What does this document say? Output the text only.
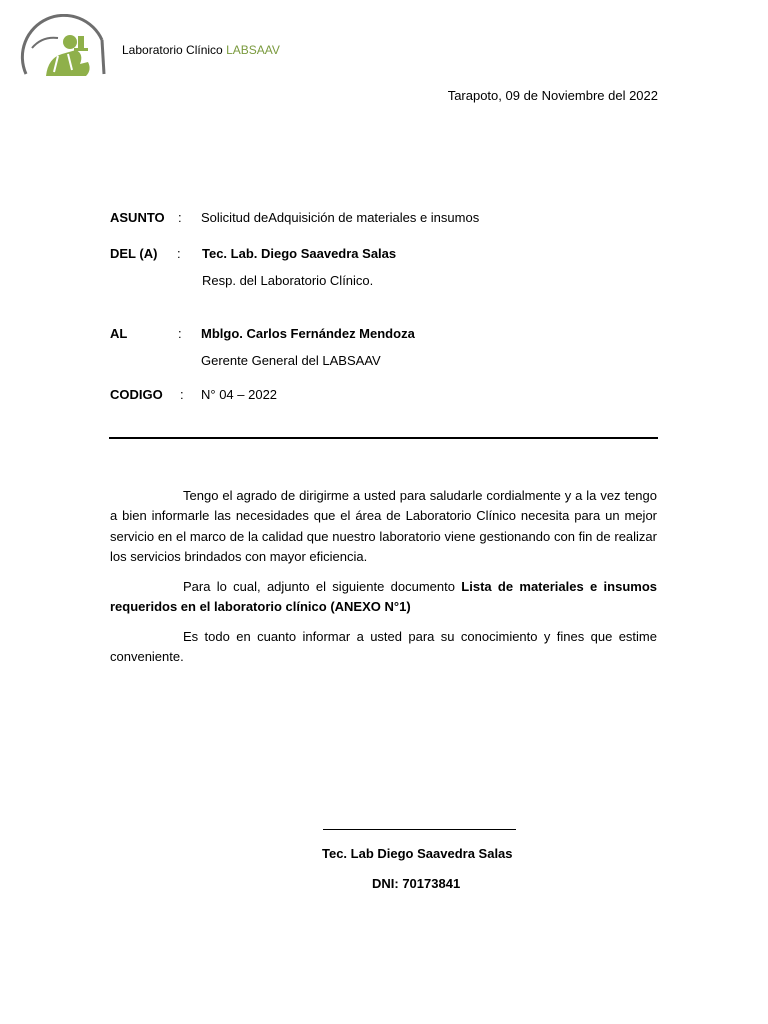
Laboratorio Clínico LABSAAV
Tarapoto, 09 de Noviembre del 2022
ASUNTO : Solicitud deAdquisición de materiales e insumos
DEL (A) : Tec. Lab. Diego Saavedra Salas
Resp. del Laboratorio Clínico.
AL	: Mblgo. Carlos Fernández Mendoza
Gerente General del LABSAAV
CODIGO : N° 04 – 2022

Tengo el agrado de dirigirme a usted para saludarle cordialmente y a la vez tengo a bien informarle las necesidades que el área de Laboratorio Clínico necesita para un mejor servicio en el marco de la calidad que nuestro laboratorio viene gestionando con fin de realizar los servicios brindados con mayor eficiencia.

Para lo cual, adjunto el siguiente documento Lista de materiales e insumos requeridos en el laboratorio clínico (ANEXO N°1)

Es todo en cuanto informar a usted para su conocimiento y fines que estime conveniente.

Tec. Lab Diego Saavedra Salas
DNI: 70173841
